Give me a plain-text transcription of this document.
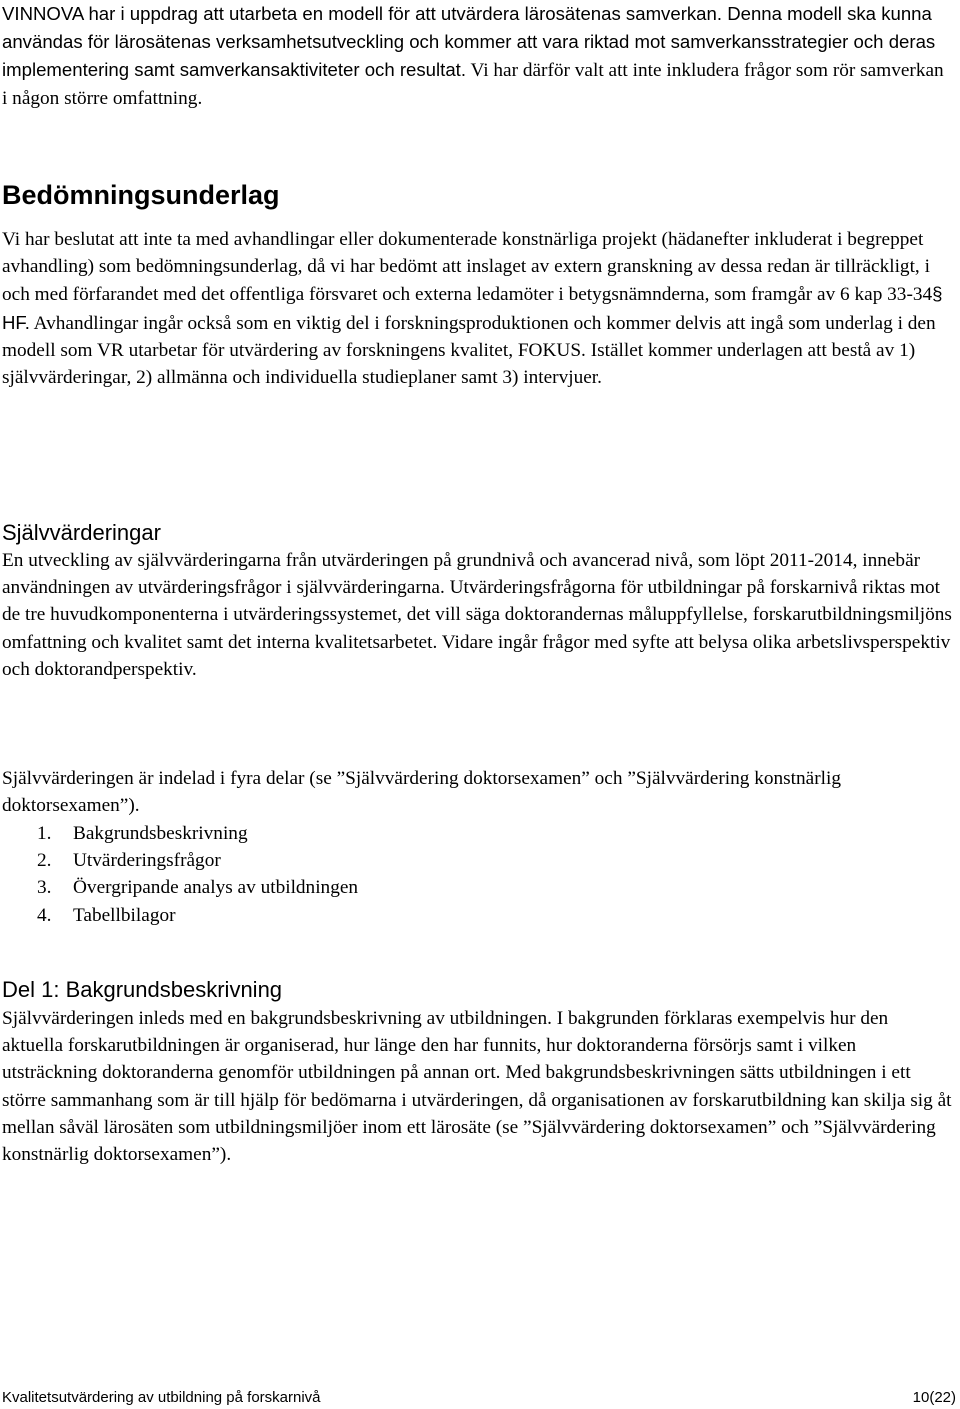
VINNOVA har i uppdrag att utarbeta en modell för att utvärdera lärosätenas samverkan. Denna modell ska kunna användas för lärosätenas verksamhetsutveckling och kommer att vara riktad mot samverkansstrategier och deras implementering samt samverkansaktiviteter och resultat. Vi har därför valt att inte inkludera frågor som rör samverkan i någon större omfattning.

Bedömningsunderlag

Vi har beslutat att inte ta med avhandlingar eller dokumenterade konstnärliga projekt (hädanefter inkluderat i begreppet avhandling) som bedömningsunderlag, då vi har bedömt att inslaget av extern granskning av dessa redan är tillräckligt, i och med förfarandet med det offentliga försvaret och externa ledamöter i betygsnämnderna, som framgår av 6 kap 33-34§ HF. Avhandlingar ingår också som en viktig del i forskningsproduktionen och kommer delvis att ingå som underlag i den modell som VR utarbetar för utvärdering av forskningens kvalitet, FOKUS. Istället kommer underlagen att bestå av 1) självvärderingar, 2) allmänna och individuella studieplaner samt 3) intervjuer.

Självvärderingar

En utveckling av självvärderingarna från utvärderingen på grundnivå och avancerad nivå, som löpt 2011-2014, innebär användningen av utvärderingsfrågor i självvärderingarna. Utvärderingsfrågorna för utbildningar på forskarnivå riktas mot de tre huvudkomponenterna i utvärderingssystemet, det vill säga doktorandernas måluppfyllelse, forskarutbildningsmiljöns omfattning och kvalitet samt det interna kvalitetsarbetet. Vidare ingår frågor med syfte att belysa olika arbetslivsperspektiv och doktorandperspektiv.

Självvärderingen är indelad i fyra delar (se ”Självvärdering doktorsexamen” och ”Självvärdering konstnärlig doktorsexamen”).

1. Bakgrundsbeskrivning
2. Utvärderingsfrågor
3. Övergripande analys av utbildningen
4. Tabellbilagor
Del 1: Bakgrundsbeskrivning

Självvärderingen inleds med en bakgrundsbeskrivning av utbildningen. I bakgrunden förklaras exempelvis hur den aktuella forskarutbildningen är organiserad, hur länge den har funnits, hur doktoranderna försörjs samt i vilken utsträckning doktoranderna genomför utbildningen på annan ort. Med bakgrundsbeskrivningen sätts utbildningen i ett större sammanhang som är till hjälp för bedömarna i utvärderingen, då organisationen av forskarutbildning kan skilja sig åt mellan såväl lärosäten som utbildningsmiljöer inom ett lärosäte (se ”Självvärdering doktorsexamen” och ”Självvärdering konstnärlig doktorsexamen”).

Kvalitetsutvärdering av utbildning på forskarnivå	10(22)
